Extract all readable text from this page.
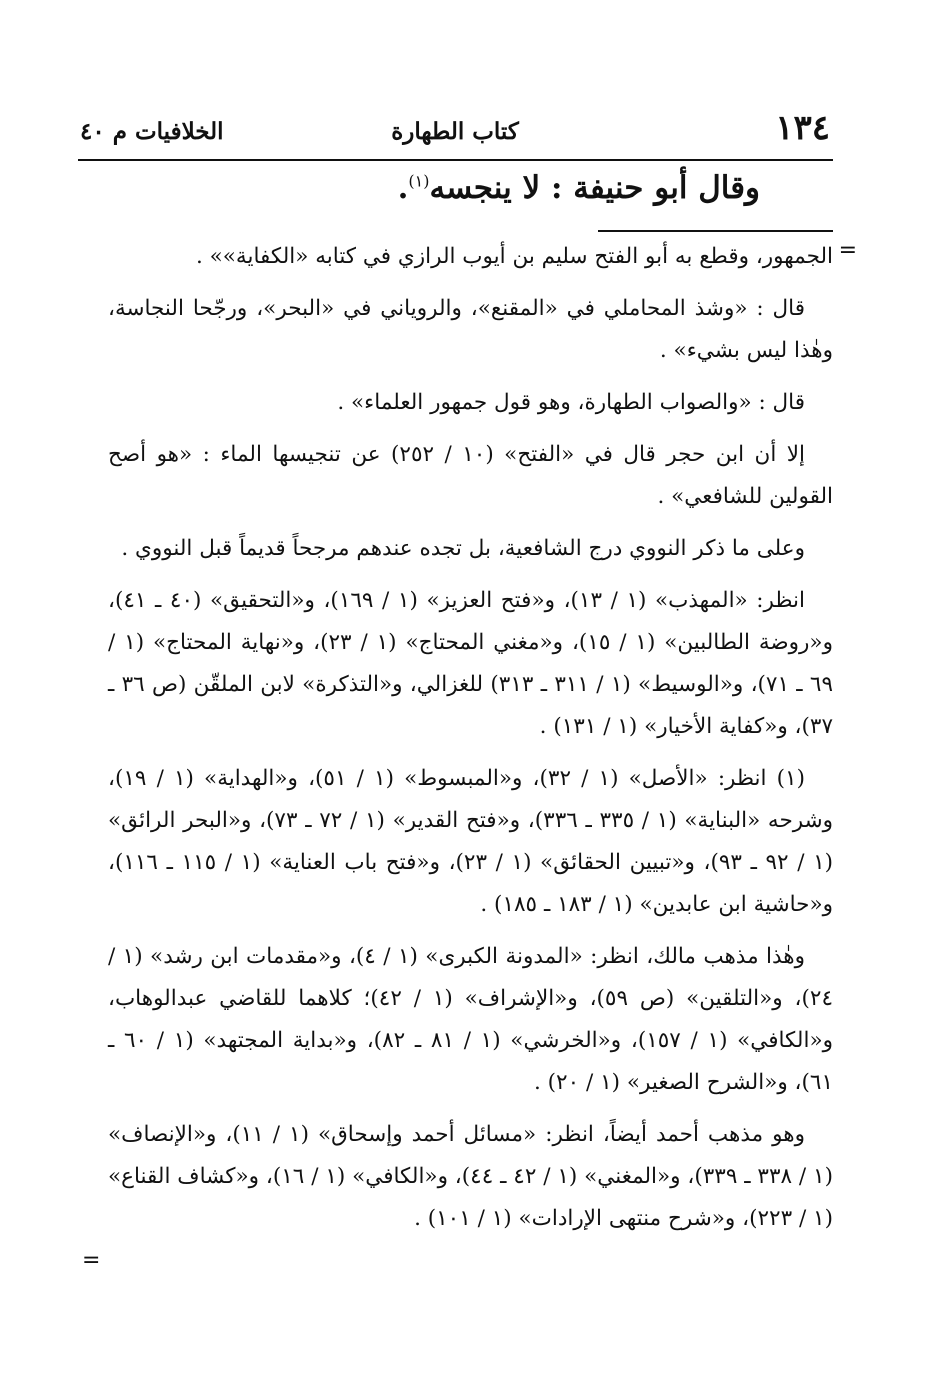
١٣٤
كتاب الطهارة
الخلافيات م ٤٠
وقال أبو حنيفة : لا ينجسه$^{(١)}$.
=

الجمهور، وقطع به أبو الفتح سليم بن أيوب الرازي في كتابه «الكفاية»» .

قال : «وشذ المحاملي في «المقنع»، والروياني في «البحر»، ورجّحا النجاسة، وهٰذا ليس بشيء» .

قال : «والصواب الطهارة، وهو قول جمهور العلماء» .

إلا أن ابن حجر قال في «الفتح» (١٠ / ٢٥٢) عن تنجيسها الماء : «هو أصح القولين للشافعي» .

وعلى ما ذكر النووي درج الشافعية، بل تجده عندهم مرجحاً قديماً قبل النووي .

انظر: «المهذب» (١ / ١٣)، و«فتح العزيز» (١ / ١٦٩)، و«التحقيق» (٤٠ ـ ٤١)، و«روضة الطالبين» (١ / ١٥)، و«مغني المحتاج» (١ / ٢٣)، و«نهاية المحتاج» (١ / ٦٩ ـ ٧١)، و«الوسيط» (١ / ٣١١ ـ ٣١٣) للغزالي، و«التذكرة» لابن الملقّن (ص ٣٦ ـ ٣٧)، و«كفاية الأخيار» (١ / ١٣١) .

(١) انظر: «الأصل» (١ / ٣٢)، و«المبسوط» (١ / ٥١)، و«الهداية» (١ / ١٩)، وشرحه «البناية» (١ / ٣٣٥ ـ ٣٣٦)، و«فتح القدير» (١ / ٧٢ ـ ٧٣)، و«البحر الرائق» (١ / ٩٢ ـ ٩٣)، و«تبيين الحقائق» (١ / ٢٣)، و«فتح باب العناية» (١ / ١١٥ ـ ١١٦)، و«حاشية ابن عابدين» (١ / ١٨٣ ـ ١٨٥) .

وهٰذا مذهب مالك، انظر: «المدونة الكبرى» (١ / ٤)، و«مقدمات ابن رشد» (١ / ٢٤)، و«التلقين» (ص ٥٩)، و«الإشراف» (١ / ٤٢)؛ كلاهما للقاضي عبدالوهاب، و«الكافي» (١ / ١٥٧)، و«الخرشي» (١ / ٨١ ـ ٨٢)، و«بداية المجتهد» (١ / ٦٠ ـ ٦١)، و«الشرح الصغير» (١ / ٢٠) .

وهو مذهب أحمد أيضاً، انظر: «مسائل أحمد وإسحاق» (١ / ١١)، و«الإنصاف» (١ / ٣٣٨ ـ ٣٣٩)، و«المغني» (١ / ٤٢ ـ ٤٤)، و«الكافي» (١ / ١٦)، و«كشاف القناع» (١ / ٢٢٣)، و«شرح منتهى الإرادات» (١ / ١٠١) .

=
